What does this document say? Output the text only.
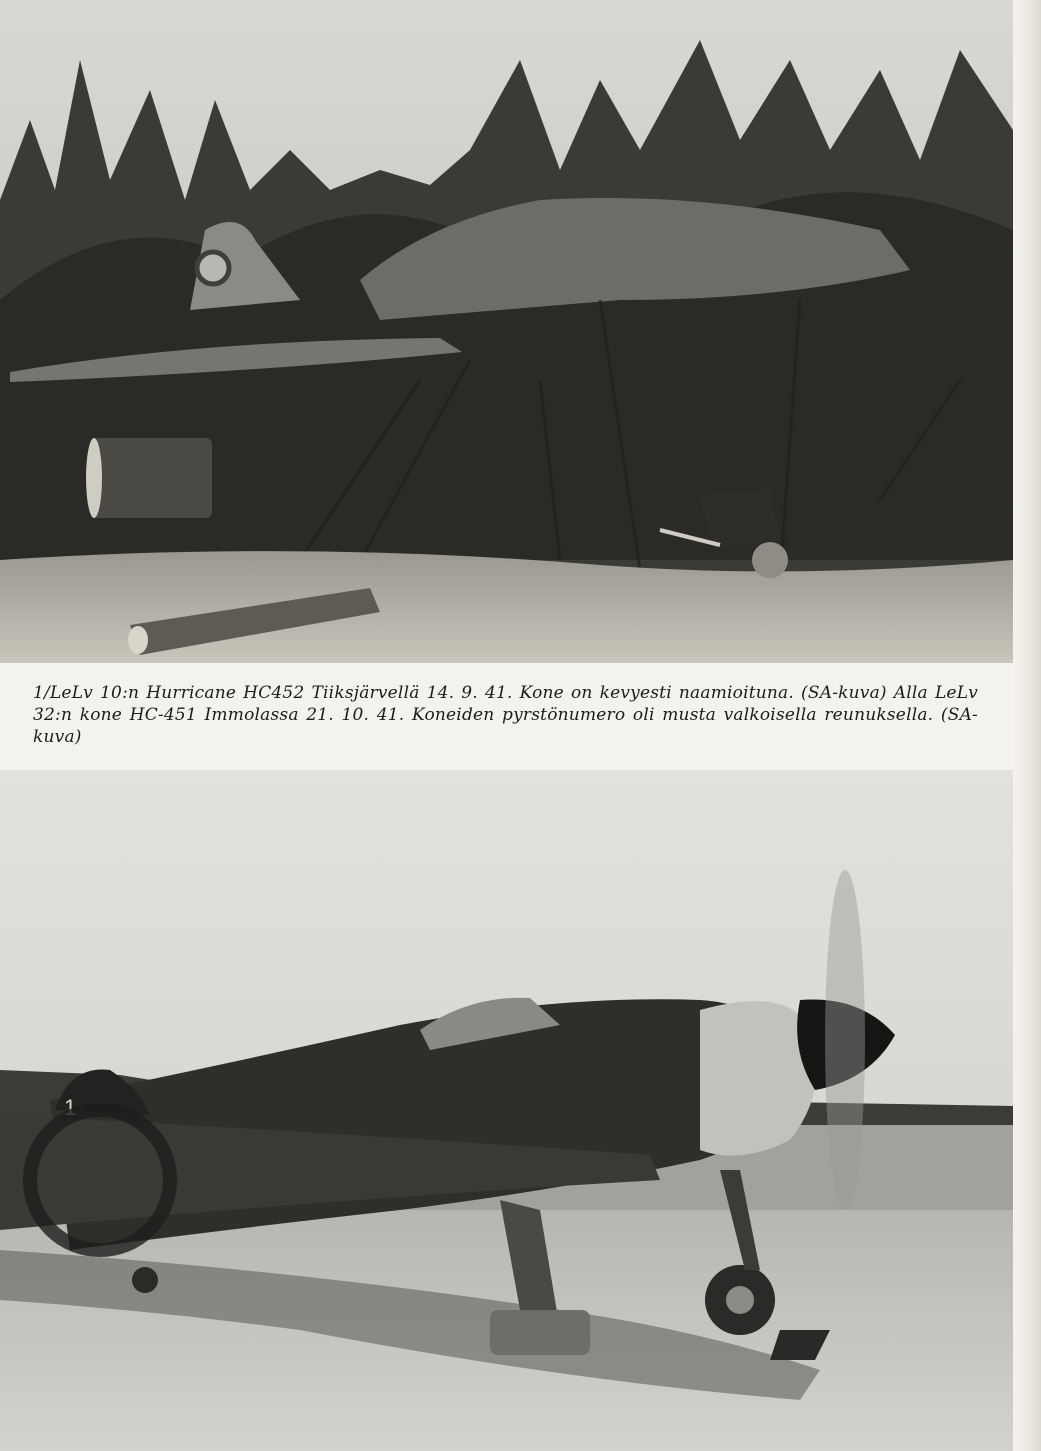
1/LeLv 10:n Hurricane HC452 Tiiksjärvellä 14. 9. 41. Kone on kevyesti naamioituna. (SA-kuva) Alla LeLv 32:n kone HC-451 Immolassa 21. 10. 41. Koneiden pyrstönumero oli musta valkoisella reunuksella. (SA-kuva)
1
